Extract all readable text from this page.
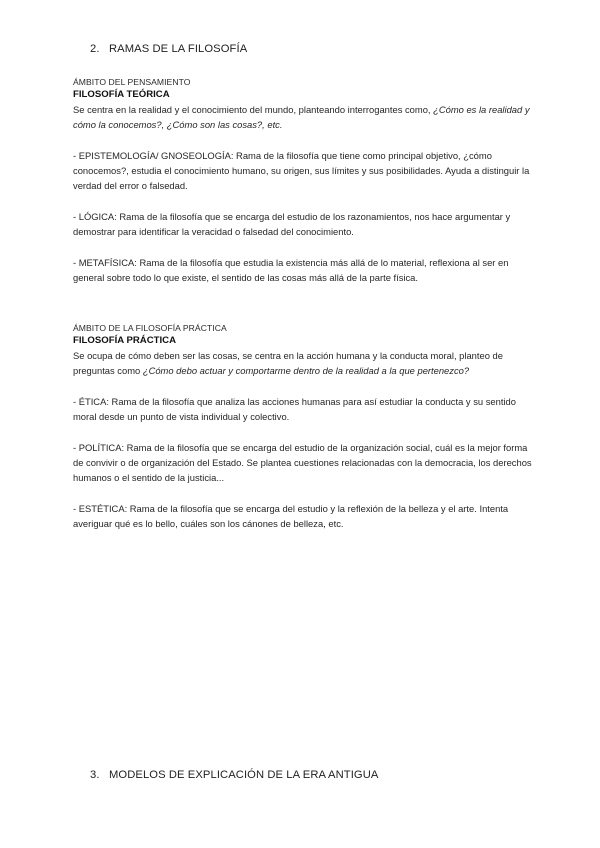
2. RAMAS DE LA FILOSOFÍA
ÁMBITO DEL PENSAMIENTO
FILOSOFÍA TEÓRICA

Se centra en la realidad y el conocimiento del mundo, planteando interrogantes como, ¿Cómo es la realidad y cómo la conocemos?, ¿Cómo son las cosas?, etc.

- EPISTEMOLOGÍA/ GNOSEOLOGÍA: Rama de la filosofía que tiene como principal objetivo, ¿cómo conocemos?, estudia el conocimiento humano, su origen, sus límites y sus posibilidades. Ayuda a distinguir la verdad del error o falsedad.

- LÓGICA: Rama de la filosofía que se encarga del estudio de los razonamientos, nos hace argumentar y demostrar para identificar la veracidad o falsedad del conocimiento.

- METAFÍSICA: Rama de la filosofía que estudia la existencia más allá de lo material, reflexiona al ser en general sobre todo lo que existe, el sentido de las cosas más allá de la parte física.

ÁMBITO DE LA FILOSOFÍA PRÁCTICA
FILOSOFÍA PRÁCTICA

Se ocupa de cómo deben ser las cosas, se centra en la acción humana y la conducta moral, planteo de preguntas como ¿Cómo debo actuar y comportarme dentro de la realidad a la que pertenezco?

- ÉTICA: Rama de la filosofía que analiza las acciones humanas para así estudiar la conducta y su sentido moral desde un punto de vista individual y colectivo.

- POLÍTICA: Rama de la filosofía que se encarga del estudio de la organización social, cuál es la mejor forma de convivir o de organización del Estado. Se plantea cuestiones relacionadas con la democracia, los derechos humanos o el sentido de la justicia...

- ESTÉTICA: Rama de la filosofía que se encarga del estudio y la reflexión de la belleza y el arte. Intenta averiguar qué es lo bello, cuáles son los cánones de belleza, etc.

3. MODELOS DE EXPLICACIÓN DE LA ERA ANTIGUA
